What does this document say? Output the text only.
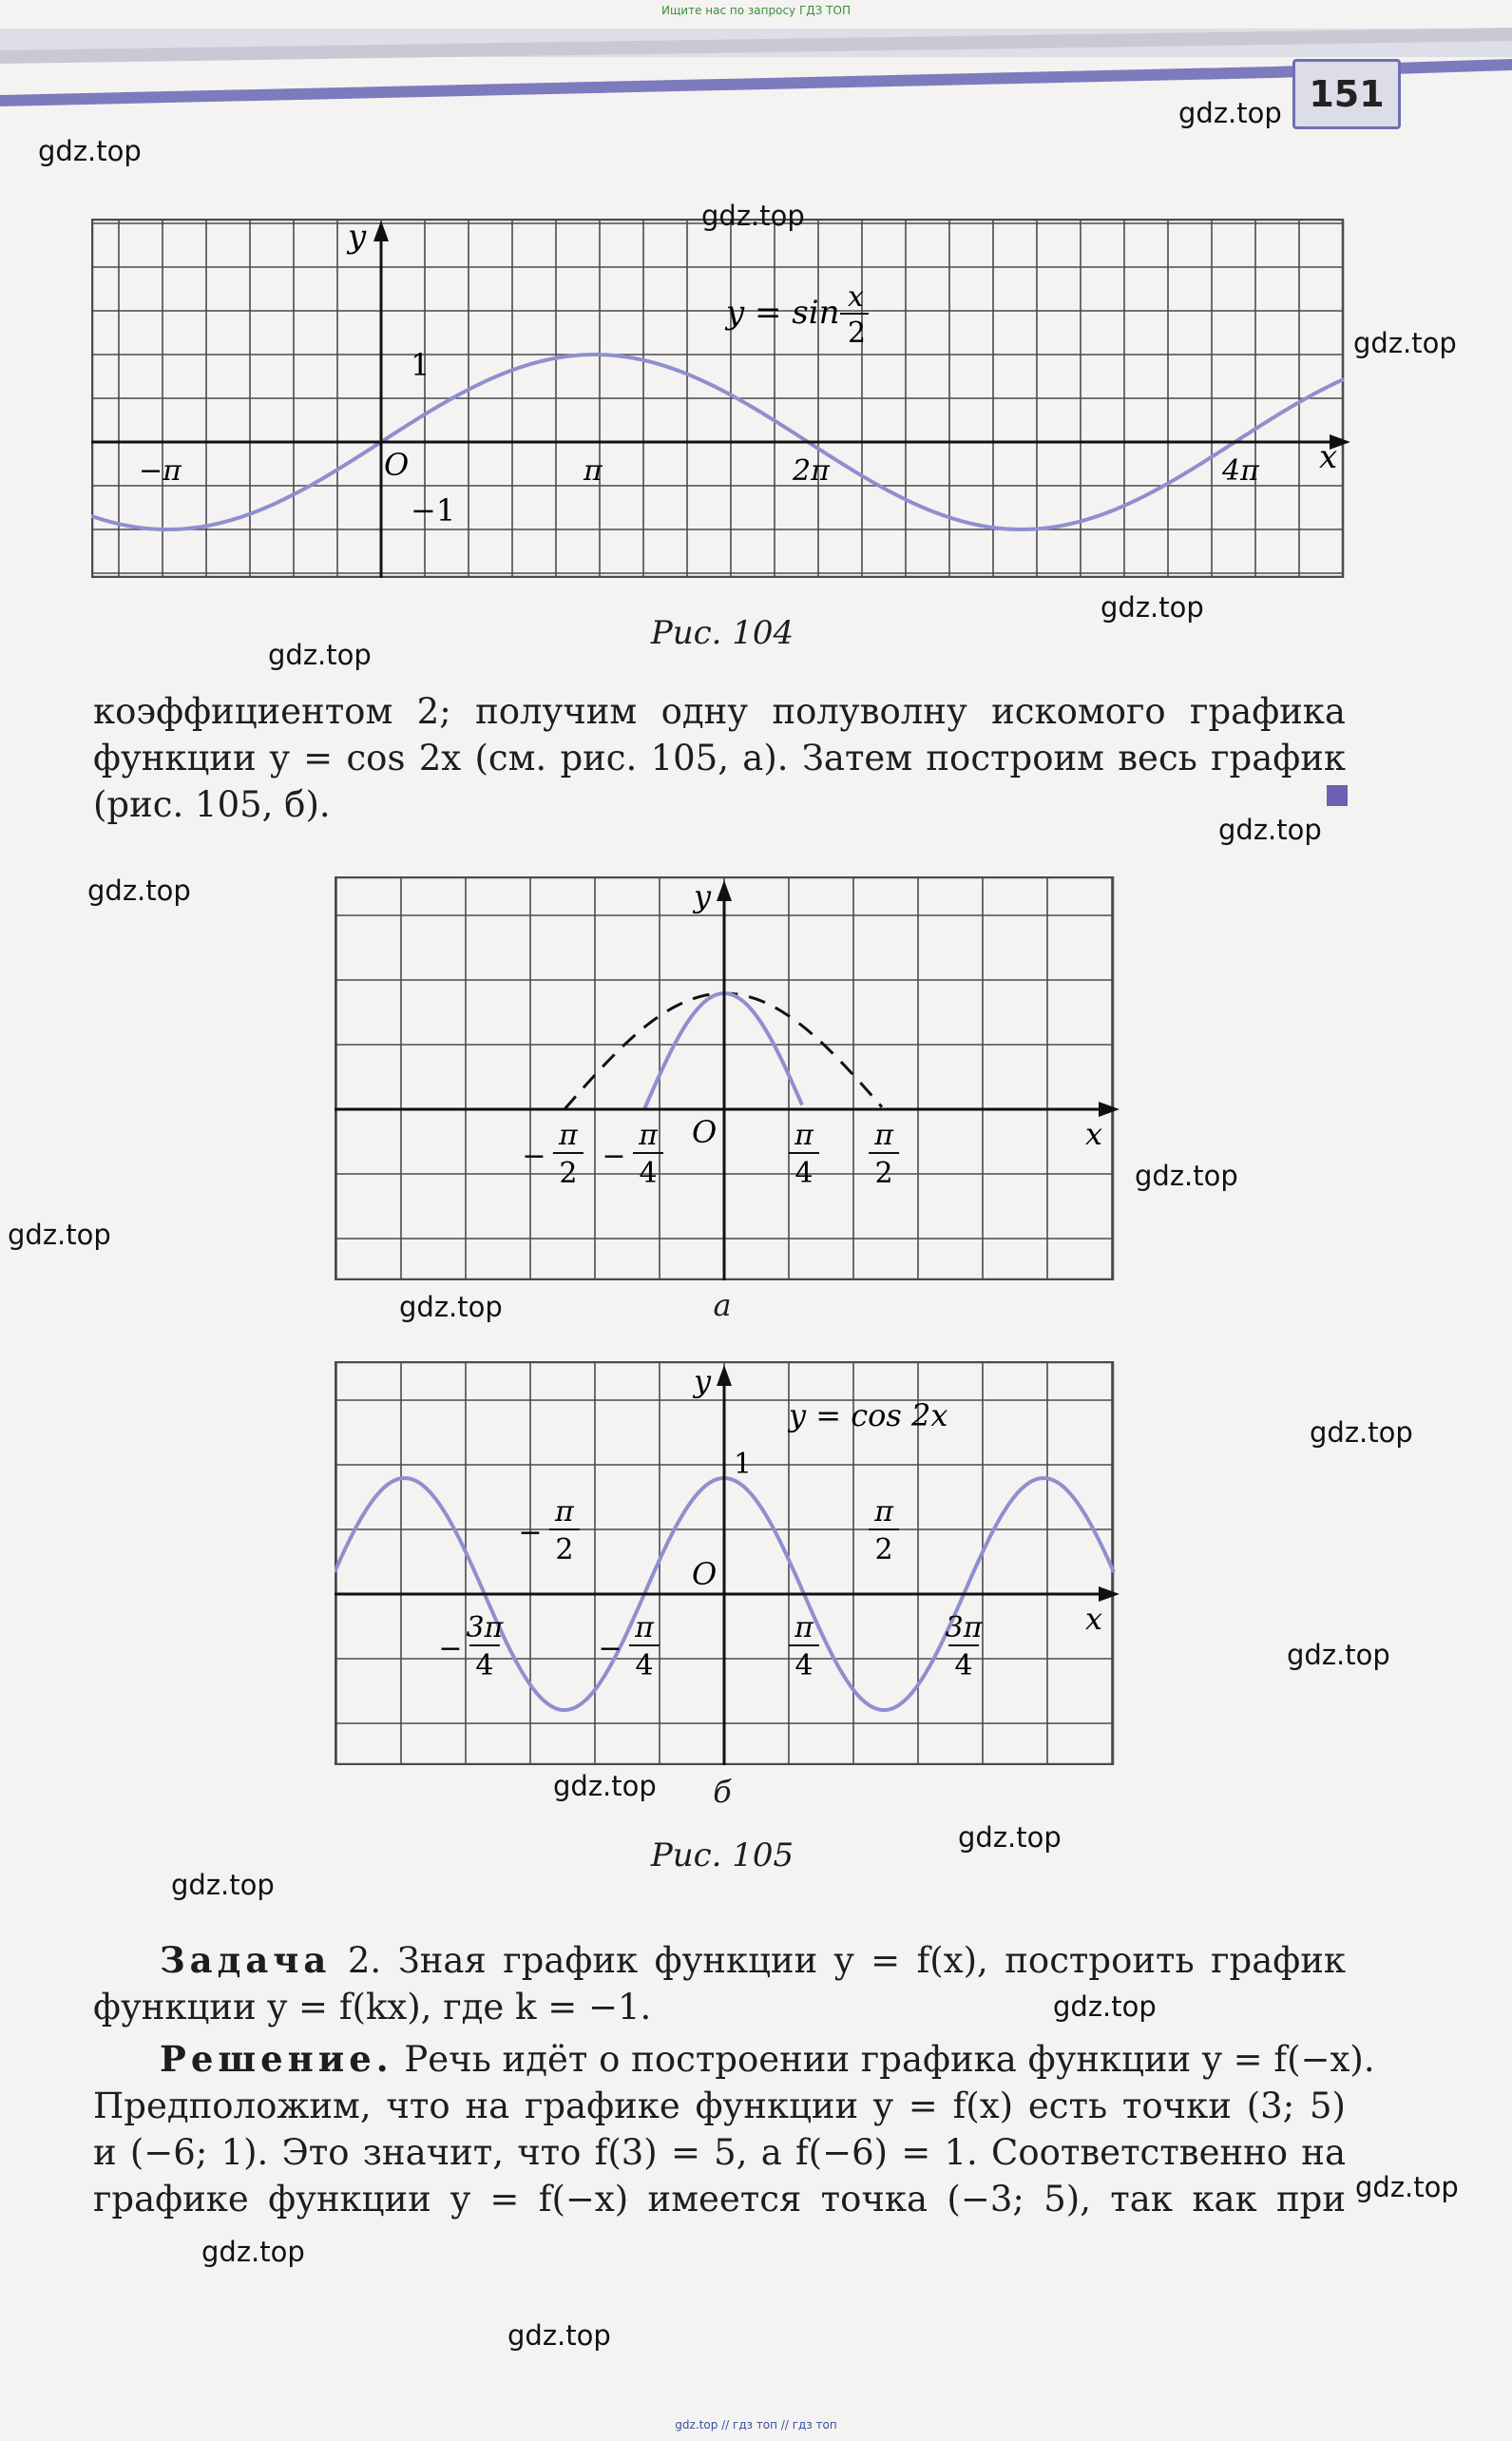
Ищите нас по запросу ГДЗ ТОП
151
y
x
O
1
−1
−π	π	2π	4π
y = sin x
2
Рис. 104
коэффициентом 2; получим одну полуволну искомого графика
функции y = cos 2x (см. рис. 105, а). Затем построим весь график
(рис. 105, б).
y
x
O
π
2
−
π
4
−
π
4
π
2
а
y
x
O
1
y = cos 2x
π
2
−
π
2
3π
4
−
π
4
−
π
4
3π
4
б
Рис. 105
Задача 2. Зная график функции y = f(x), построить график
функции y = f(kx), где k = −1.
Решение. Речь идёт о построении графика функции y = f(−x).
Предположим, что на графике функции y = f(x) есть точки (3; 5)
и (−6; 1). Это значит, что f(3) = 5, а f(−6) = 1. Соответственно на
графике функции y = f(−x) имеется точка (−3; 5), так как при
gdz.top
gdz.top
gdz.top
gdz.top
gdz.top
gdz.top
gdz.top
gdz.top
gdz.top
gdz.top
gdz.top
gdz.top
gdz.top
gdz.top
gdz.top
gdz.top
gdz.top
gdz.top
gdz.top
gdz.top
gdz.top // гдз топ // гдз топ
